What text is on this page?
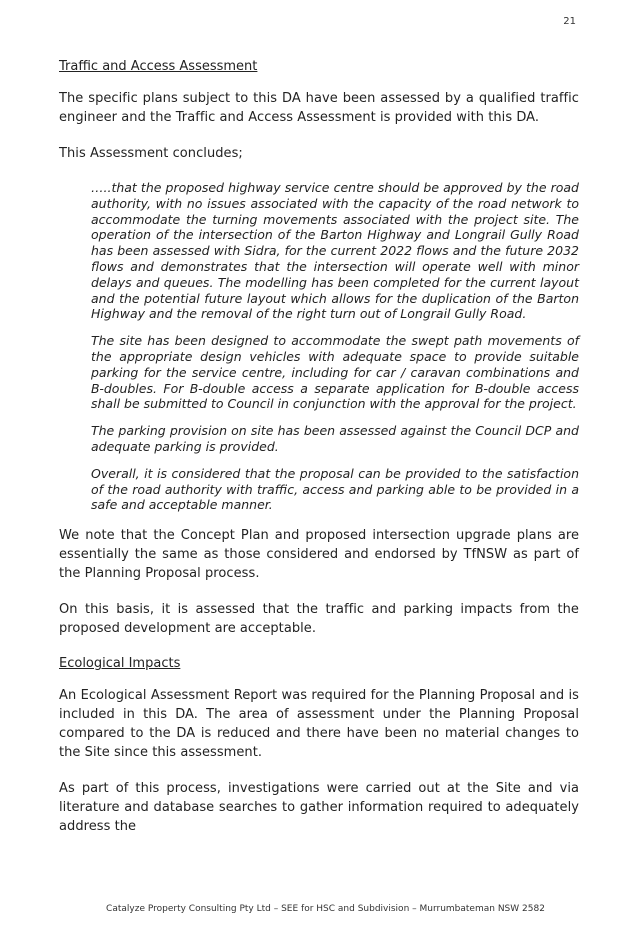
21
Traffic and Access Assessment

The specific plans subject to this DA have been assessed by a qualified traffic engineer and the Traffic and Access Assessment is provided with this DA.

This Assessment concludes;

…..that the proposed highway service centre should be approved by the road authority, with no issues associated with the capacity of the road network to accommodate the turning movements associated with the project site. The operation of the intersection of the Barton Highway and Longrail Gully Road has been assessed with Sidra, for the current 2022 flows and the future 2032 flows and demonstrates that the intersection will operate well with minor delays and queues. The modelling has been completed for the current layout and the potential future layout which allows for the duplication of the Barton Highway and the removal of the right turn out of Longrail Gully Road.

The site has been designed to accommodate the swept path movements of the appropriate design vehicles with adequate space to provide suitable parking for the service centre, including for car / caravan combinations and B-doubles. For B-double access a separate application for B-double access shall be submitted to Council in conjunction with the approval for the project.

The parking provision on site has been assessed against the Council DCP and adequate parking is provided.

Overall, it is considered that the proposal can be provided to the satisfaction of the road authority with traffic, access and parking able to be provided in a safe and acceptable manner.

We note that the Concept Plan and proposed intersection upgrade plans are essentially the same as those considered and endorsed by TfNSW as part of the Planning Proposal process.

On this basis, it is assessed that the traffic and parking impacts from the proposed development are acceptable.

Ecological Impacts

An Ecological Assessment Report was required for the Planning Proposal and is included in this DA. The area of assessment under the Planning Proposal compared to the DA is reduced and there have been no material changes to the Site since this assessment.

As part of this process, investigations were carried out at the Site and via literature and database searches to gather information required to adequately address the

Catalyze Property Consulting Pty Ltd – SEE for HSC and Subdivision – Murrumbateman NSW 2582
